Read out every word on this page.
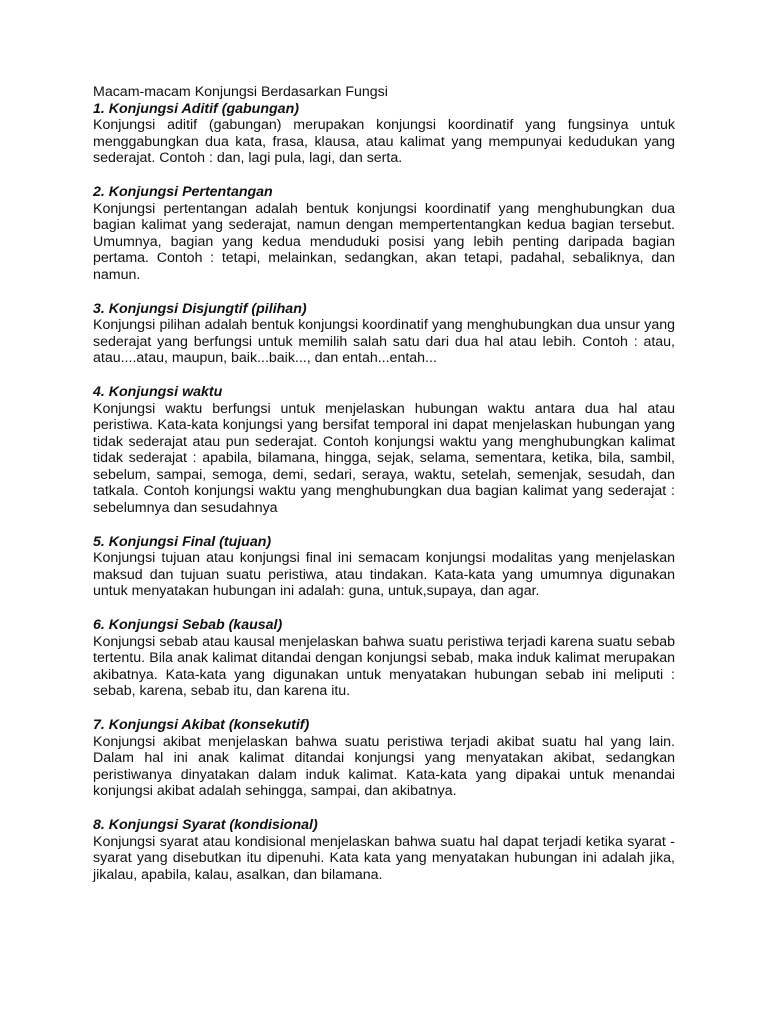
Macam-macam Konjungsi Berdasarkan Fungsi

1. Konjungsi Aditif (gabungan)

Konjungsi aditif (gabungan) merupakan konjungsi koordinatif yang fungsinya untuk menggabungkan dua kata, frasa, klausa, atau kalimat yang mempunyai kedudukan yang sederajat. Contoh : dan, lagi pula, lagi, dan serta.

2. Konjungsi Pertentangan

Konjungsi pertentangan adalah bentuk konjungsi koordinatif yang menghubungkan dua bagian kalimat yang sederajat, namun dengan mempertentangkan kedua bagian tersebut. Umumnya, bagian yang kedua menduduki posisi yang lebih penting daripada bagian pertama. Contoh : tetapi, melainkan, sedangkan, akan tetapi, padahal, sebaliknya, dan namun.

3. Konjungsi Disjungtif (pilihan)

Konjungsi pilihan adalah bentuk konjungsi koordinatif yang menghubungkan dua unsur yang sederajat yang berfungsi untuk memilih salah satu dari dua hal atau lebih. Contoh : atau, atau....atau, maupun, baik...baik..., dan entah...entah...

4. Konjungsi waktu

Konjungsi waktu berfungsi untuk menjelaskan hubungan waktu antara dua hal atau peristiwa. Kata-kata konjungsi yang bersifat temporal ini dapat menjelaskan hubungan yang tidak sederajat atau pun sederajat. Contoh konjungsi waktu yang menghubungkan kalimat tidak sederajat : apabila, bilamana, hingga, sejak, selama, sementara, ketika, bila, sambil, sebelum, sampai, semoga, demi, sedari, seraya, waktu, setelah, semenjak, sesudah, dan tatkala. Contoh konjungsi waktu yang menghubungkan dua bagian kalimat yang sederajat : sebelumnya dan sesudahnya

5. Konjungsi Final (tujuan)

Konjungsi tujuan atau konjungsi final ini semacam konjungsi modalitas yang menjelaskan maksud dan tujuan suatu peristiwa, atau tindakan. Kata-kata yang umumnya digunakan untuk menyatakan hubungan ini adalah: guna, untuk,supaya, dan agar.

6. Konjungsi Sebab (kausal)

Konjungsi sebab atau kausal menjelaskan bahwa suatu peristiwa terjadi karena suatu sebab tertentu. Bila anak kalimat ditandai dengan konjungsi sebab, maka induk kalimat merupakan akibatnya. Kata-kata yang digunakan untuk menyatakan hubungan sebab ini meliputi : sebab, karena, sebab itu, dan karena itu.

7. Konjungsi Akibat (konsekutif)

Konjungsi akibat menjelaskan bahwa suatu peristiwa terjadi akibat suatu hal yang lain. Dalam hal ini anak kalimat ditandai konjungsi yang menyatakan akibat, sedangkan peristiwanya dinyatakan dalam induk kalimat. Kata-kata yang dipakai untuk menandai konjungsi akibat adalah sehingga, sampai, dan akibatnya.

8. Konjungsi Syarat (kondisional)

Konjungsi syarat atau kondisional menjelaskan bahwa suatu hal dapat terjadi ketika syarat -syarat yang disebutkan itu dipenuhi. Kata kata yang menyatakan hubungan ini adalah jika, jikalau, apabila, kalau, asalkan, dan bilamana.
